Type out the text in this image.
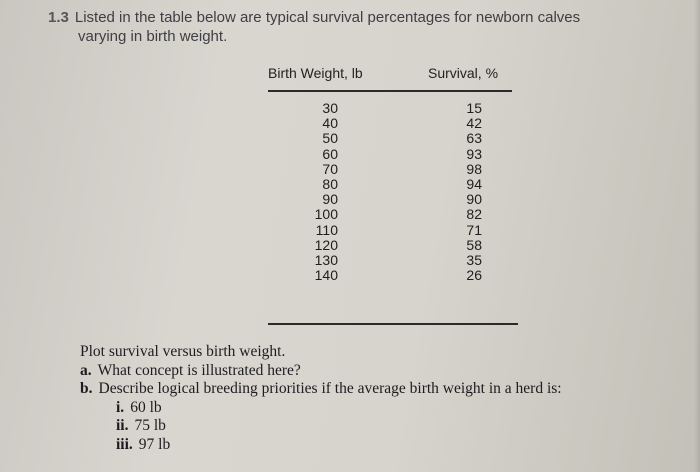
1.3 Listed in the table below are typical survival percentages for newborn calves
varying in birth weight.
Birth Weight, lb	Survival, %
30
40
50
60
70
80
90
100
110
120
130
140
15
42
63
93
98
94
90
82
71
58
35
26
Plot survival versus birth weight.
a. What concept is illustrated here?
b. Describe logical breeding priorities if the average birth weight in a herd is:
i. 60 lb
ii. 75 lb
iii. 97 lb
